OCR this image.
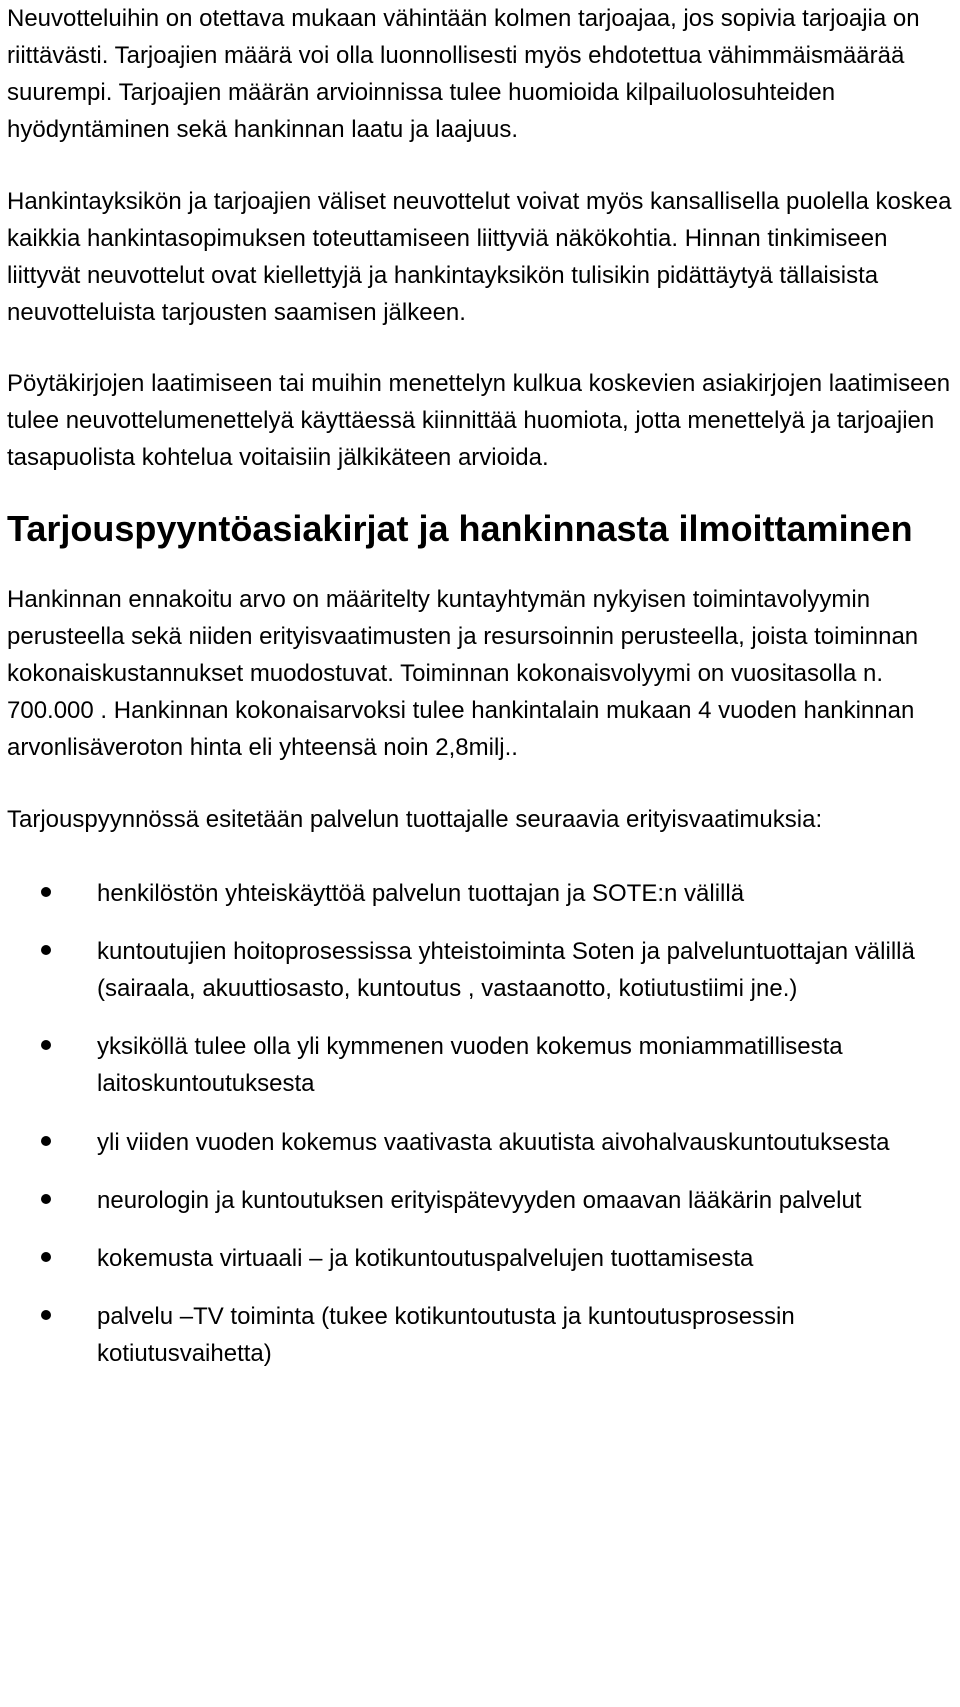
Neuvotteluihin on otettava mukaan vähintään kolmen tarjoajaa, jos sopivia tarjoajia on riittävästi. Tarjoajien määrä voi olla luonnollisesti myös ehdotettua vähimmäismäärää suurempi. Tarjoajien määrän arvioinnissa tulee huomioida kilpailuolosuhteiden hyödyntäminen sekä hankinnan laatu ja laajuus.

Hankintayksikön ja tarjoajien väliset neuvottelut voivat myös kansallisella puolella koskea kaikkia hankintasopimuksen toteuttamiseen liittyviä näkökohtia. Hinnan tinkimiseen liittyvät neuvottelut ovat kiellettyjä ja hankintayksikön tulisikin pidättäytyä tällaisista neuvotteluista tarjousten saamisen jälkeen.

Pöytäkirjojen laatimiseen tai muihin menettelyn kulkua koskevien asiakirjojen laatimiseen tulee neuvottelumenettelyä käyttäessä kiinnittää huomiota, jotta menettelyä ja tarjoajien tasapuolista kohtelua voitaisiin jälkikäteen arvioida.

Tarjouspyyntöasiakirjat ja hankinnasta ilmoittaminen

Hankinnan ennakoitu arvo on määritelty kuntayhtymän nykyisen toimintavolyymin perusteella sekä niiden erityisvaatimusten ja resursoinnin perusteella, joista toiminnan kokonaiskustannukset muodostuvat. Toiminnan kokonaisvolyymi on vuositasolla n. 700.000 . Hankinnan kokonaisarvoksi tulee hankintalain mukaan 4 vuoden hankinnan arvonlisäveroton hinta eli yhteensä noin 2,8milj..

Tarjouspyynnössä esitetään palvelun tuottajalle seuraavia erityisvaatimuksia:

henkilöstön yhteiskäyttöä palvelun tuottajan ja SOTE:n välillä
kuntoutujien hoitoprosessissa yhteistoiminta Soten ja palveluntuottajan välillä (sairaala, akuuttiosasto, kuntoutus , vastaanotto, kotiutustiimi jne.)
yksiköllä tulee olla yli kymmenen vuoden kokemus moniammatillisesta laitoskuntoutuksesta
yli viiden vuoden kokemus vaativasta akuutista aivohalvauskuntoutuksesta
neurologin ja kuntoutuksen erityispätevyyden omaavan lääkärin palvelut
kokemusta virtuaali – ja kotikuntoutuspalvelujen tuottamisesta
palvelu –TV toiminta (tukee kotikuntoutusta ja kuntoutusprosessin kotiutusvaihetta)
